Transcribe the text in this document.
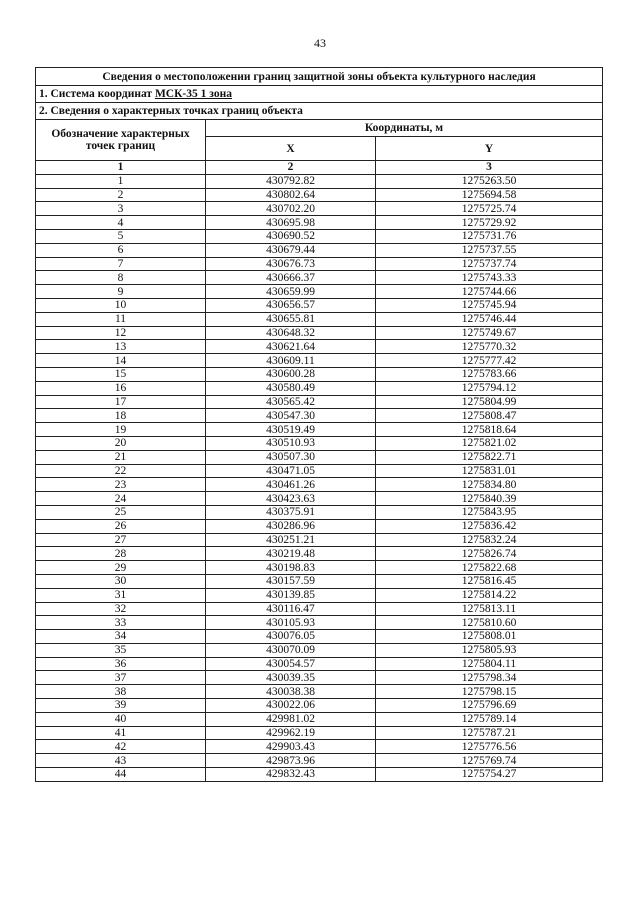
43
Сведения о местоположении границ защитной зоны объекта культурного наследия		
1. Система координат МСК-35 1 зона		
2. Сведения о характерных точках границ объекта		
Обозначение характерных точек границ	Координаты, м	
	X	Y
1	2	3
1	430792.82	1275263.50
2	430802.64	1275694.58
3	430702.20	1275725.74
4	430695.98	1275729.92
5	430690.52	1275731.76
6	430679.44	1275737.55
7	430676.73	1275737.74
8	430666.37	1275743.33
9	430659.99	1275744.66
10	430656.57	1275745.94
11	430655.81	1275746.44
12	430648.32	1275749.67
13	430621.64	1275770.32
14	430609.11	1275777.42
15	430600.28	1275783.66
16	430580.49	1275794.12
17	430565.42	1275804.99
18	430547.30	1275808.47
19	430519.49	1275818.64
20	430510.93	1275821.02
21	430507.30	1275822.71
22	430471.05	1275831.01
23	430461.26	1275834.80
24	430423.63	1275840.39
25	430375.91	1275843.95
26	430286.96	1275836.42
27	430251.21	1275832.24
28	430219.48	1275826.74
29	430198.83	1275822.68
30	430157.59	1275816.45
31	430139.85	1275814.22
32	430116.47	1275813.11
33	430105.93	1275810.60
34	430076.05	1275808.01
35	430070.09	1275805.93
36	430054.57	1275804.11
37	430039.35	1275798.34
38	430038.38	1275798.15
39	430022.06	1275796.69
40	429981.02	1275789.14
41	429962.19	1275787.21
42	429903.43	1275776.56
43	429873.96	1275769.74
44	429832.43	1275754.27
